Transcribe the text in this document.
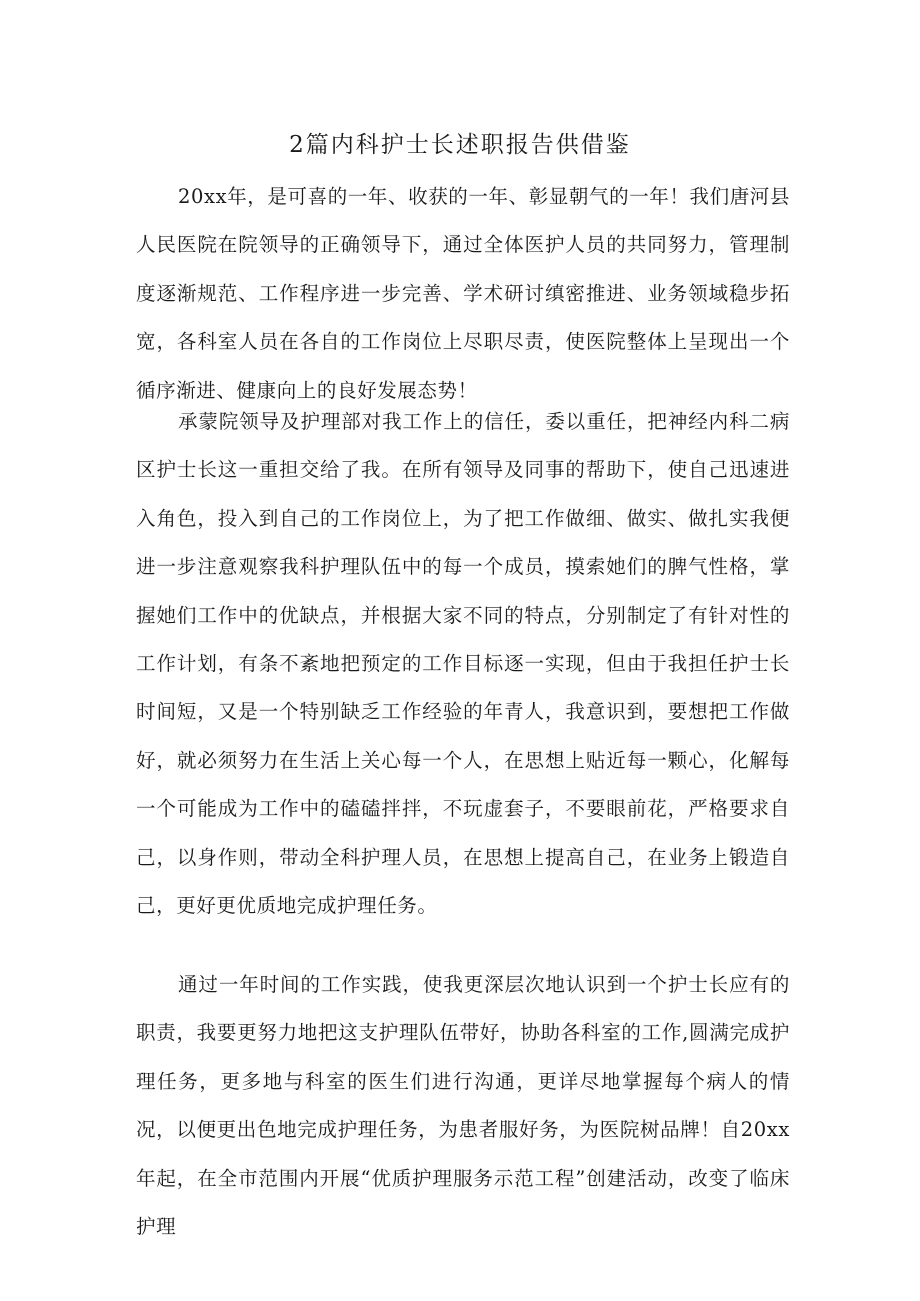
2篇内科护士长述职报告供借鉴

20xx年，是可喜的一年、收获的一年、彰显朝气的一年！我们唐河县人民医院在院领导的正确领导下，通过全体医护人员的共同努力，管理制度逐渐规范、工作程序进一步完善、学术研讨缜密推进、业务领域稳步拓宽，各科室人员在各自的工作岗位上尽职尽责，使医院整体上呈现出一个循序渐进、健康向上的良好发展态势！

承蒙院领导及护理部对我工作上的信任，委以重任，把神经内科二病区护士长这一重担交给了我。在所有领导及同事的帮助下，使自己迅速进入角色，投入到自己的工作岗位上，为了把工作做细、做实、做扎实我便进一步注意观察我科护理队伍中的每一个成员，摸索她们的脾气性格，掌握她们工作中的优缺点，并根据大家不同的特点，分别制定了有针对性的工作计划，有条不紊地把预定的工作目标逐一实现，但由于我担任护士长时间短，又是一个特别缺乏工作经验的年青人，我意识到，要想把工作做好，就必须努力在生活上关心每一个人，在思想上贴近每一颗心，化解每一个可能成为工作中的磕磕拌拌，不玩虚套子，不要眼前花，严格要求自己，以身作则，带动全科护理人员，在思想上提高自己，在业务上锻造自己，更好更优质地完成护理任务。

通过一年时间的工作实践，使我更深层次地认识到一个护士长应有的职责，我要更努力地把这支护理队伍带好，协助各科室的工作,圆满完成护理任务，更多地与科室的医生们进行沟通，更详尽地掌握每个病人的情况，以便更出色地完成护理任务，为患者服好务，为医院树品牌！自20xx年起，在全市范围内开展“优质护理服务示范工程”创建活动，改变了临床护理
